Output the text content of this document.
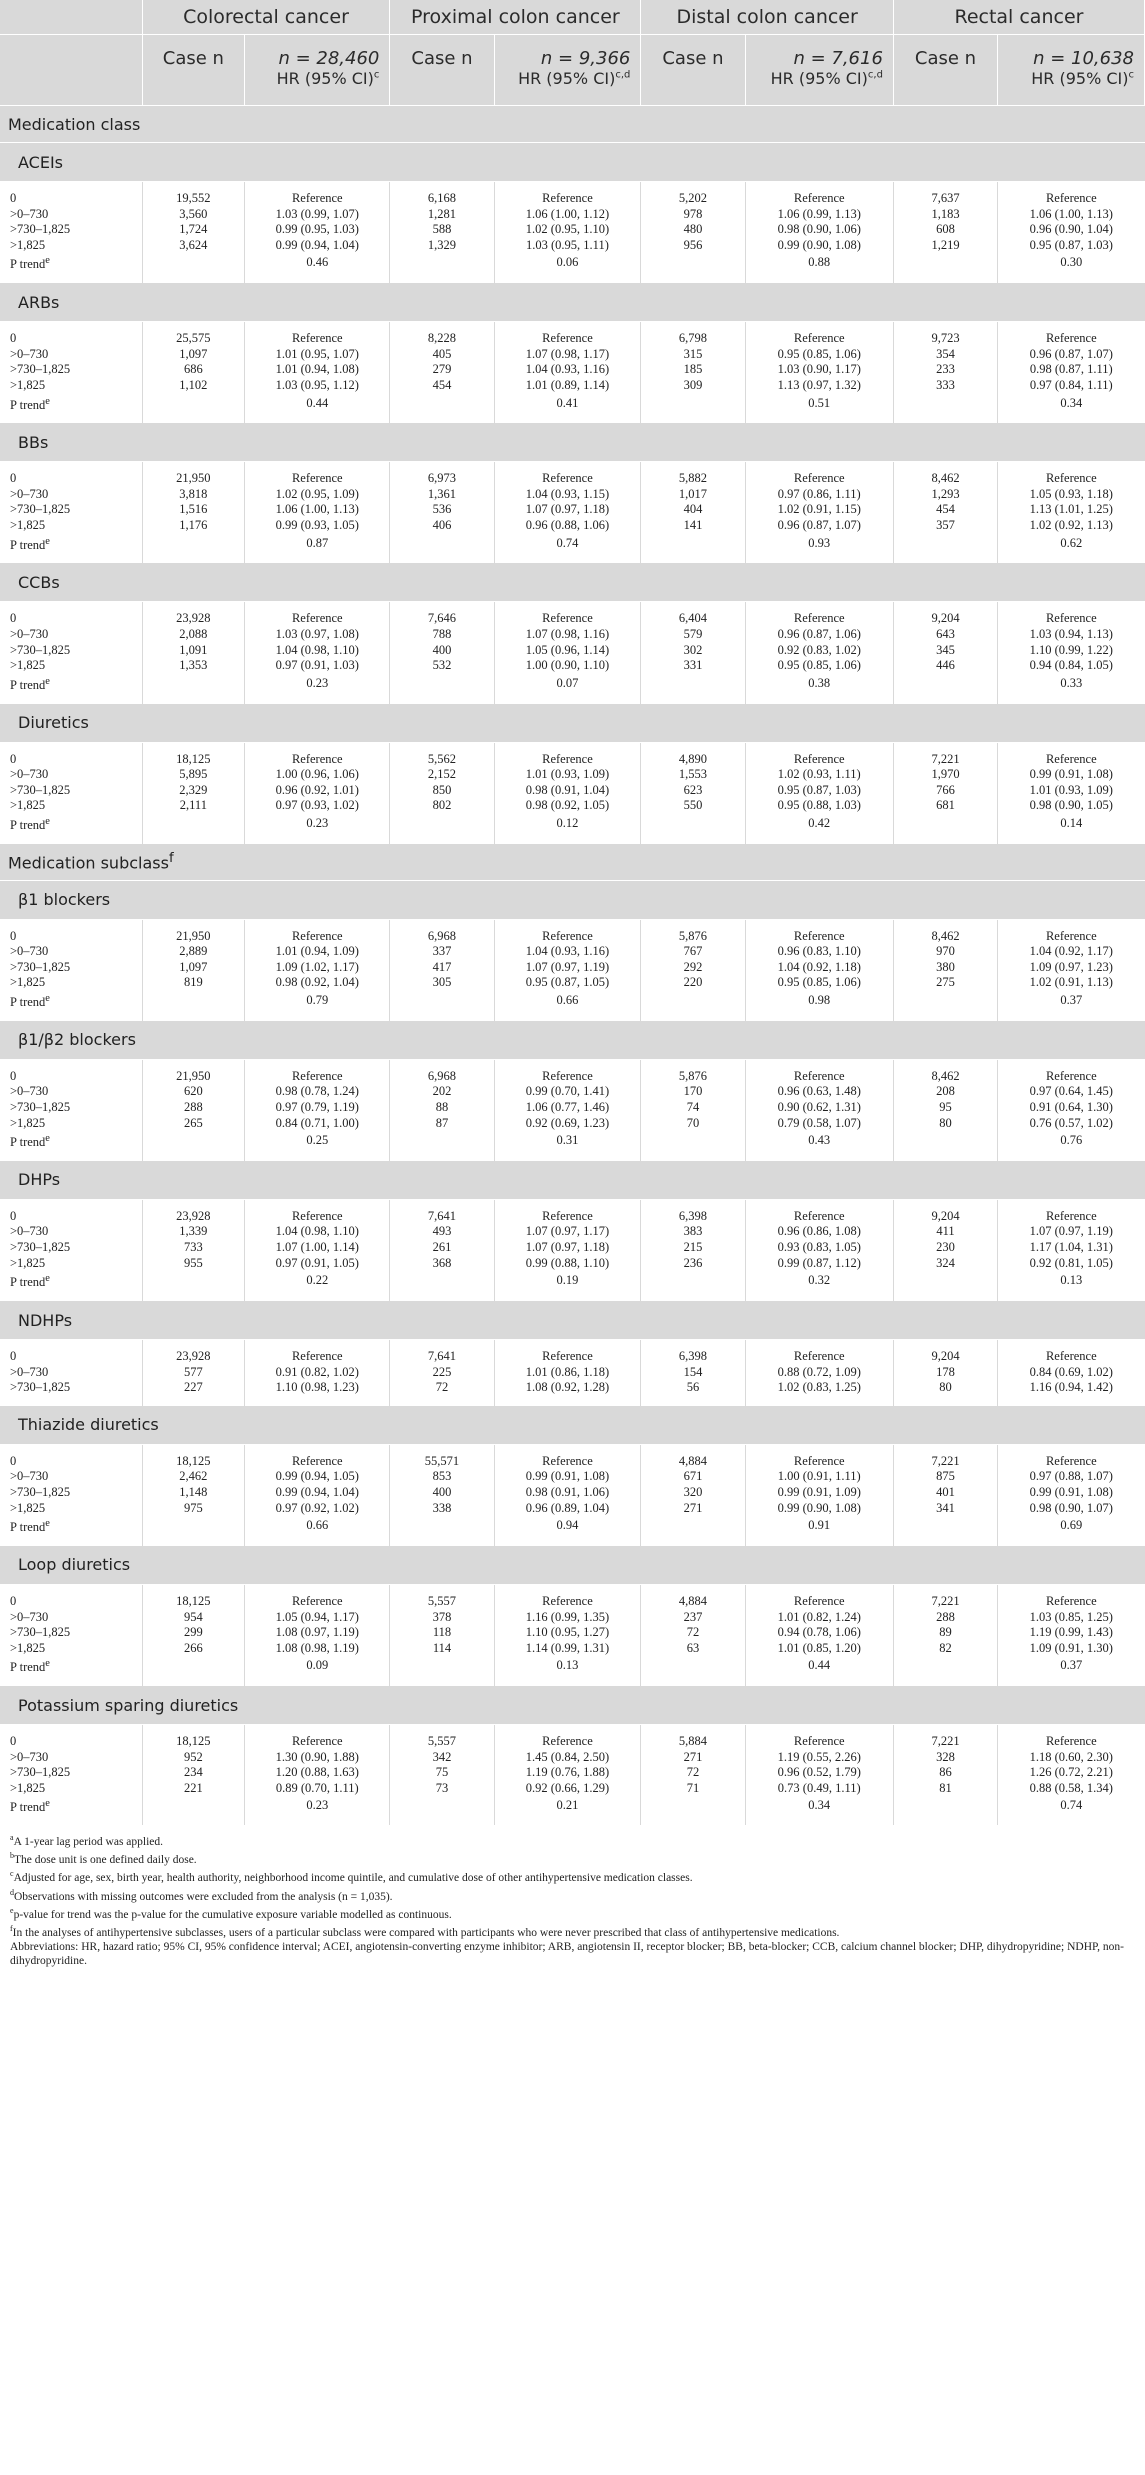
	Colorectal cancer		Proximal colon cancer		Distal colon cancer		Rectal cancer	
	Case n	n = 28,460	Case n	n = 9,366	Case n	n = 7,616	Case n	n = 10,638
		HR (95% CI)$^c$		HR (95% CI)$^{c,d}$		HR (95% CI)$^{c,d}$		HR (95% CI)$^c$
Medication class								
ACEIs								

0	19,552	Reference	6,168	Reference	5,202	Reference	7,637	Reference
>0–730	3,560	1.03 (0.99, 1.07)	1,281	1.06 (1.00, 1.12)	978	1.06 (0.99, 1.13)	1,183	1.06 (1.00, 1.13)
>730–1,825	1,724	0.99 (0.95, 1.03)	588	1.02 (0.95, 1.10)	480	0.98 (0.90, 1.06)	608	0.96 (0.90, 1.04)
>1,825	3,624	0.99 (0.94, 1.04)	1,329	1.03 (0.95, 1.11)	956	0.99 (0.90, 1.08)	1,219	0.95 (0.87, 1.03)
P trend$^e$		0.46		0.06		0.88		0.30

ARBs								

0	25,575	Reference	8,228	Reference	6,798	Reference	9,723	Reference
>0–730	1,097	1.01 (0.95, 1.07)	405	1.07 (0.98, 1.17)	315	0.95 (0.85, 1.06)	354	0.96 (0.87, 1.07)
>730–1,825	686	1.01 (0.94, 1.08)	279	1.04 (0.93, 1.16)	185	1.03 (0.90, 1.17)	233	0.98 (0.87, 1.11)
>1,825	1,102	1.03 (0.95, 1.12)	454	1.01 (0.89, 1.14)	309	1.13 (0.97, 1.32)	333	0.97 (0.84, 1.11)
P trend$^e$		0.44		0.41		0.51		0.34

BBs								

0	21,950	Reference	6,973	Reference	5,882	Reference	8,462	Reference
>0–730	3,818	1.02 (0.95, 1.09)	1,361	1.04 (0.93, 1.15)	1,017	0.97 (0.86, 1.11)	1,293	1.05 (0.93, 1.18)
>730–1,825	1,516	1.06 (1.00, 1.13)	536	1.07 (0.97, 1.18)	404	1.02 (0.91, 1.15)	454	1.13 (1.01, 1.25)
>1,825	1,176	0.99 (0.93, 1.05)	406	0.96 (0.88, 1.06)	141	0.96 (0.87, 1.07)	357	1.02 (0.92, 1.13)
P trend$^e$		0.87		0.74		0.93		0.62

CCBs								

0	23,928	Reference	7,646	Reference	6,404	Reference	9,204	Reference
>0–730	2,088	1.03 (0.97, 1.08)	788	1.07 (0.98, 1.16)	579	0.96 (0.87, 1.06)	643	1.03 (0.94, 1.13)
>730–1,825	1,091	1.04 (0.98, 1.10)	400	1.05 (0.96, 1.14)	302	0.92 (0.83, 1.02)	345	1.10 (0.99, 1.22)
>1,825	1,353	0.97 (0.91, 1.03)	532	1.00 (0.90, 1.10)	331	0.95 (0.85, 1.06)	446	0.94 (0.84, 1.05)
P trend$^e$		0.23		0.07		0.38		0.33

Diuretics								

0	18,125	Reference	5,562	Reference	4,890	Reference	7,221	Reference
>0–730	5,895	1.00 (0.96, 1.06)	2,152	1.01 (0.93, 1.09)	1,553	1.02 (0.93, 1.11)	1,970	0.99 (0.91, 1.08)
>730–1,825	2,329	0.96 (0.92, 1.01)	850	0.98 (0.91, 1.04)	623	0.95 (0.87, 1.03)	766	1.01 (0.93, 1.09)
>1,825	2,111	0.97 (0.93, 1.02)	802	0.98 (0.92, 1.05)	550	0.95 (0.88, 1.03)	681	0.98 (0.90, 1.05)
P trend$^e$		0.23		0.12		0.42		0.14

Medication subclass$^f$
β1 blockers								

0	21,950	Reference	6,968	Reference	5,876	Reference	8,462	Reference
>0–730	2,889	1.01 (0.94, 1.09)	337	1.04 (0.93, 1.16)	767	0.96 (0.83, 1.10)	970	1.04 (0.92, 1.17)
>730–1,825	1,097	1.09 (1.02, 1.17)	417	1.07 (0.97, 1.19)	292	1.04 (0.92, 1.18)	380	1.09 (0.97, 1.23)
>1,825	819	0.98 (0.92, 1.04)	305	0.95 (0.87, 1.05)	220	0.95 (0.85, 1.06)	275	1.02 (0.91, 1.13)
P trend$^e$		0.79		0.66		0.98		0.37

β1/β2 blockers								

0	21,950	Reference	6,968	Reference	5,876	Reference	8,462	Reference
>0–730	620	0.98 (0.78, 1.24)	202	0.99 (0.70, 1.41)	170	0.96 (0.63, 1.48)	208	0.97 (0.64, 1.45)
>730–1,825	288	0.97 (0.79, 1.19)	88	1.06 (0.77, 1.46)	74	0.90 (0.62, 1.31)	95	0.91 (0.64, 1.30)
>1,825	265	0.84 (0.71, 1.00)	87	0.92 (0.69, 1.23)	70	0.79 (0.58, 1.07)	80	0.76 (0.57, 1.02)
P trend$^e$		0.25		0.31		0.43		0.76

DHPs								

0	23,928	Reference	7,641	Reference	6,398	Reference	9,204	Reference
>0–730	1,339	1.04 (0.98, 1.10)	493	1.07 (0.97, 1.17)	383	0.96 (0.86, 1.08)	411	1.07 (0.97, 1.19)
>730–1,825	733	1.07 (1.00, 1.14)	261	1.07 (0.97, 1.18)	215	0.93 (0.83, 1.05)	230	1.17 (1.04, 1.31)
>1,825	955	0.97 (0.91, 1.05)	368	0.99 (0.88, 1.10)	236	0.99 (0.87, 1.12)	324	0.92 (0.81, 1.05)
P trend$^e$		0.22		0.19		0.32		0.13

NDHPs								

0	23,928	Reference	7,641	Reference	6,398	Reference	9,204	Reference
>0–730	577	0.91 (0.82, 1.02)	225	1.01 (0.86, 1.18)	154	0.88 (0.72, 1.09)	178	0.84 (0.69, 1.02)
>730–1,825	227	1.10 (0.98, 1.23)	72	1.08 (0.92, 1.28)	56	1.02 (0.83, 1.25)	80	1.16 (0.94, 1.42)

Thiazide diuretics								

0	18,125	Reference	55,571	Reference	4,884	Reference	7,221	Reference
>0–730	2,462	0.99 (0.94, 1.05)	853	0.99 (0.91, 1.08)	671	1.00 (0.91, 1.11)	875	0.97 (0.88, 1.07)
>730–1,825	1,148	0.99 (0.94, 1.04)	400	0.98 (0.91, 1.06)	320	0.99 (0.91, 1.09)	401	0.99 (0.91, 1.08)
>1,825	975	0.97 (0.92, 1.02)	338	0.96 (0.89, 1.04)	271	0.99 (0.90, 1.08)	341	0.98 (0.90, 1.07)
P trend$^e$		0.66		0.94		0.91		0.69

Loop diuretics								

0	18,125	Reference	5,557	Reference	4,884	Reference	7,221	Reference
>0–730	954	1.05 (0.94, 1.17)	378	1.16 (0.99, 1.35)	237	1.01 (0.82, 1.24)	288	1.03 (0.85, 1.25)
>730–1,825	299	1.08 (0.97, 1.19)	118	1.10 (0.95, 1.27)	72	0.94 (0.78, 1.06)	89	1.19 (0.99, 1.43)
>1,825	266	1.08 (0.98, 1.19)	114	1.14 (0.99, 1.31)	63	1.01 (0.85, 1.20)	82	1.09 (0.91, 1.30)
P trend$^e$		0.09		0.13		0.44		0.37

Potassium sparing diuretics								

0	18,125	Reference	5,557	Reference	5,884	Reference	7,221	Reference
>0–730	952	1.30 (0.90, 1.88)	342	1.45 (0.84, 2.50)	271	1.19 (0.55, 2.26)	328	1.18 (0.60, 2.30)
>730–1,825	234	1.20 (0.88, 1.63)	75	1.19 (0.76, 1.88)	72	0.96 (0.52, 1.79)	86	1.26 (0.72, 2.21)
>1,825	221	0.89 (0.70, 1.11)	73	0.92 (0.66, 1.29)	71	0.73 (0.49, 1.11)	81	0.88 (0.58, 1.34)
P trend$^e$		0.23		0.21		0.34		0.74

$^a$A 1-year lag period was applied.

$^b$The dose unit is one defined daily dose.

$^c$Adjusted for age, sex, birth year, health authority, neighborhood income quintile, and cumulative dose of other antihypertensive medication classes.

$^d$Observations with missing outcomes were excluded from the analysis (n = 1,035).

$^e$p-value for trend was the p-value for the cumulative exposure variable modelled as continuous.

$^f$In the analyses of antihypertensive subclasses, users of a particular subclass were compared with participants who were never prescribed that class of antihypertensive medications.

Abbreviations: HR, hazard ratio; 95% CI, 95% confidence interval; ACEI, angiotensin-converting enzyme inhibitor; ARB, angiotensin II, receptor blocker; BB, beta-blocker; CCB, calcium channel blocker; DHP, dihydropyridine; NDHP, non-dihydropyridine.
